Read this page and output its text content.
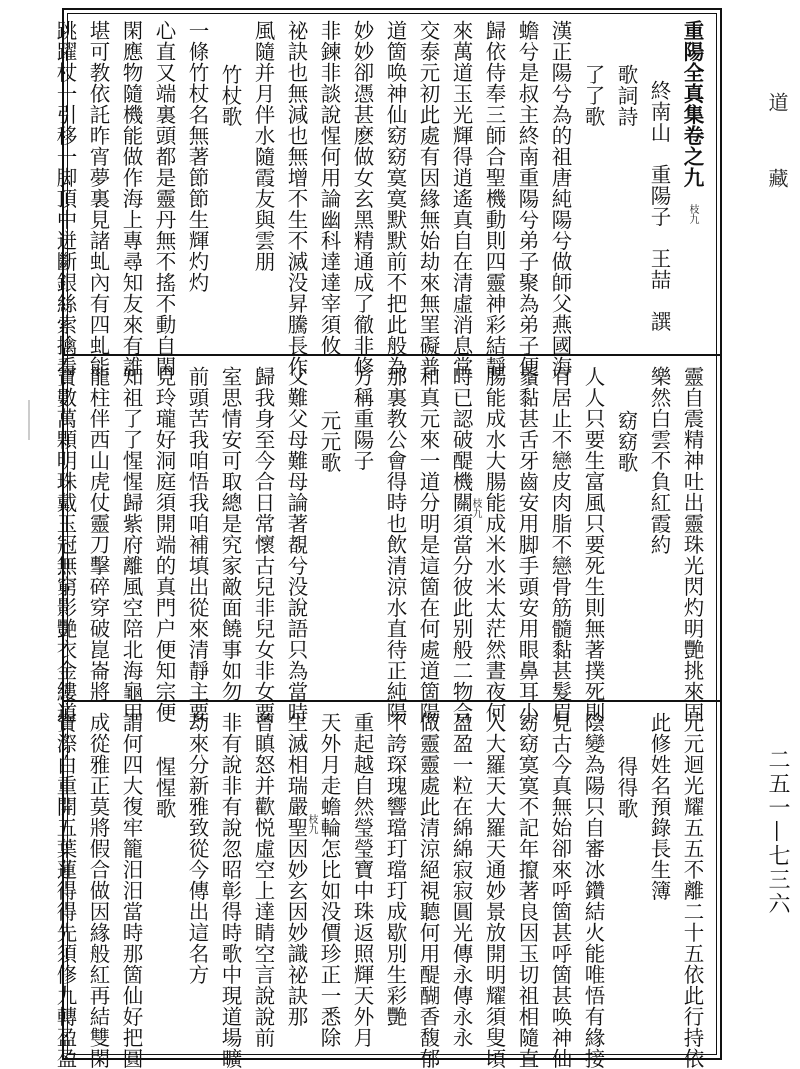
道
藏
二五一—七三六
重陽全真集卷之九
終南山　重陽子　王喆　譔
歌詞詩
了了歌
漢正陽兮為的祖唐純陽兮做師父燕國海
蟾兮是叔主終南重陽兮弟子聚為弟子便
歸依侍奉三師合聖機動則四靈神彩結靜
來萬道玉光輝得逍遙真自在清虛消息常
交泰元初此處有因緣無始劫來無罣礙普
道箇唤神仙窈窈寞寞默默前不把此般為
妙妙卻憑甚麽做女玄黑精通成了徹非修
非鍊非談說惺何用論幽科達達宰須攸
祕訣也無減也無增不生不滅没昇騰長作
風隨并月伴水隨霞友與雲朋
竹杖歌
一條竹杖名無著節節生輝灼灼
心直又端裏頭都是靈丹無不搖不動自閑
閑應物隨機能做作海上專尋知友來有誰
堪可教依託昨宵夢裏見諸虬內有四虬能
跳躍杖一引移一脚頂中迸斷銀絲索擒看	枝九
靈自震精神吐出靈珠光閃灼明艷挑來固
樂然白雲不負紅霞約
窈窈歌
人人只要生富風只要死生則無著撲死則
有居止不戀皮肉脂不戀骨筋髓黏甚髮眉
鬚黏甚舌牙齒安用脚手頭安用眼鼻耳小
腸能成水大腸能成米水米太茫然晝夜何
時已認破醍機關須當分彼此别般二物合
和真元來一道分明是這箇在何處道箇陽
那裏教公會得時也飲清涼水直待正純陽
方稱重陽子
元元歌
父難父母難母論著覩兮没說語只為當時
歸我身至今合日常懷古兒非兒女非女要
室思情安可取總是究家敵面饒事如勿
前頭苦我咱悟我咱補填出從來清靜主要
見玲瓏好洞庭須開端的真門户便知宗便
知祖了了惺惺歸紫府離風空陪北海龜甲
龍柱伴西山虎仗靈刀擊碎穿破崑崙將
寶數萬顆明珠戴玉冠無窮影艷衣金縷道	枝九
元元迴光耀五五不離二十五依此行持依
此修姓名預錄長生簿
得得歌
陰變為陽只自審冰鑽結火能唯悟有緣接
見古今真無始卻來呼箇甚呼箇甚唤神仙
窈窈寞寞不記年攛著良因玉切祖相隨直
入大羅天大羅天通妙景放開明耀須叟頃
盈盈一粒在綿綿寂寂圓光傳永傳永永
做靈靈處此清涼絕視聽何用醍醐香馥郁
不誇琛瑰響璫玎璫玎成歇別生彩艷
重起越自然瑩瑩寶中珠返照輝天外月
天外月走蟾輪怎比如没價珍正一悉除
生滅相瑞嚴聖因妙玄因妙識祕訣那
曾瞋怒并歡悦虛空上達睛空言說說前
非有說非有說忽昭彰得時歌中現道場曠
劫來分新雅致從今傳出這名方
惺惺歌
謂何四大復牢籠汨汨當時那箇仙好把圓
成從雅正莫將假合做因緣般紅再結雙閑
寶漈白重開五葉蓮得得先須修九轉盈盈	枝九
